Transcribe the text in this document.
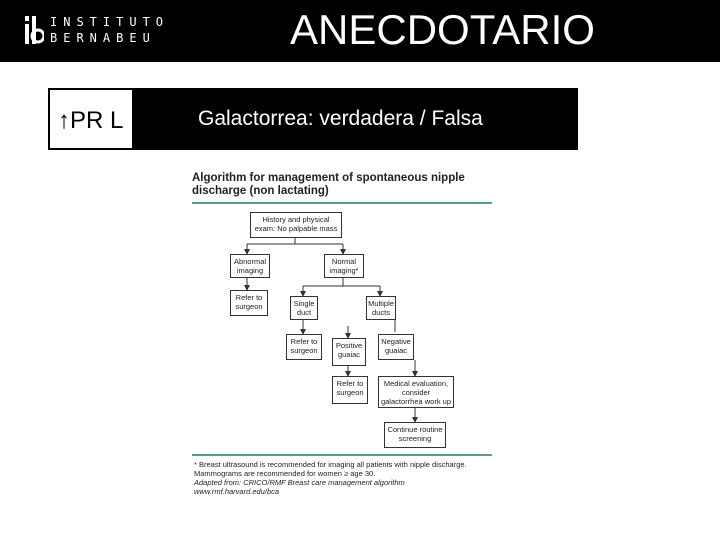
INSTITUTO
BERNABEU	ANECDOTARIO
↑PR L	Galactorrea: verdadera / Falsa
Algorithm for management of spontaneous nipple discharge (non lactating)
History and physical exam: No palpable mass
Abnormal imaging
Normal imaging*
Refer to surgeon	Single duct
Multiple ducts
Refer to surgeon
Positive guaiac
Negative guaiac
Refer to surgeon
Medical evaluation, consider galactorrhea work up
Continue routine screening
* Breast ultrasound is recommended for imaging all patients with nipple discharge. Mammograms are recommended for women ≥ age 30.
Adapted from: CRICO/RMF Breast care management algorithm
www.rmf.harvard.edu/bca
